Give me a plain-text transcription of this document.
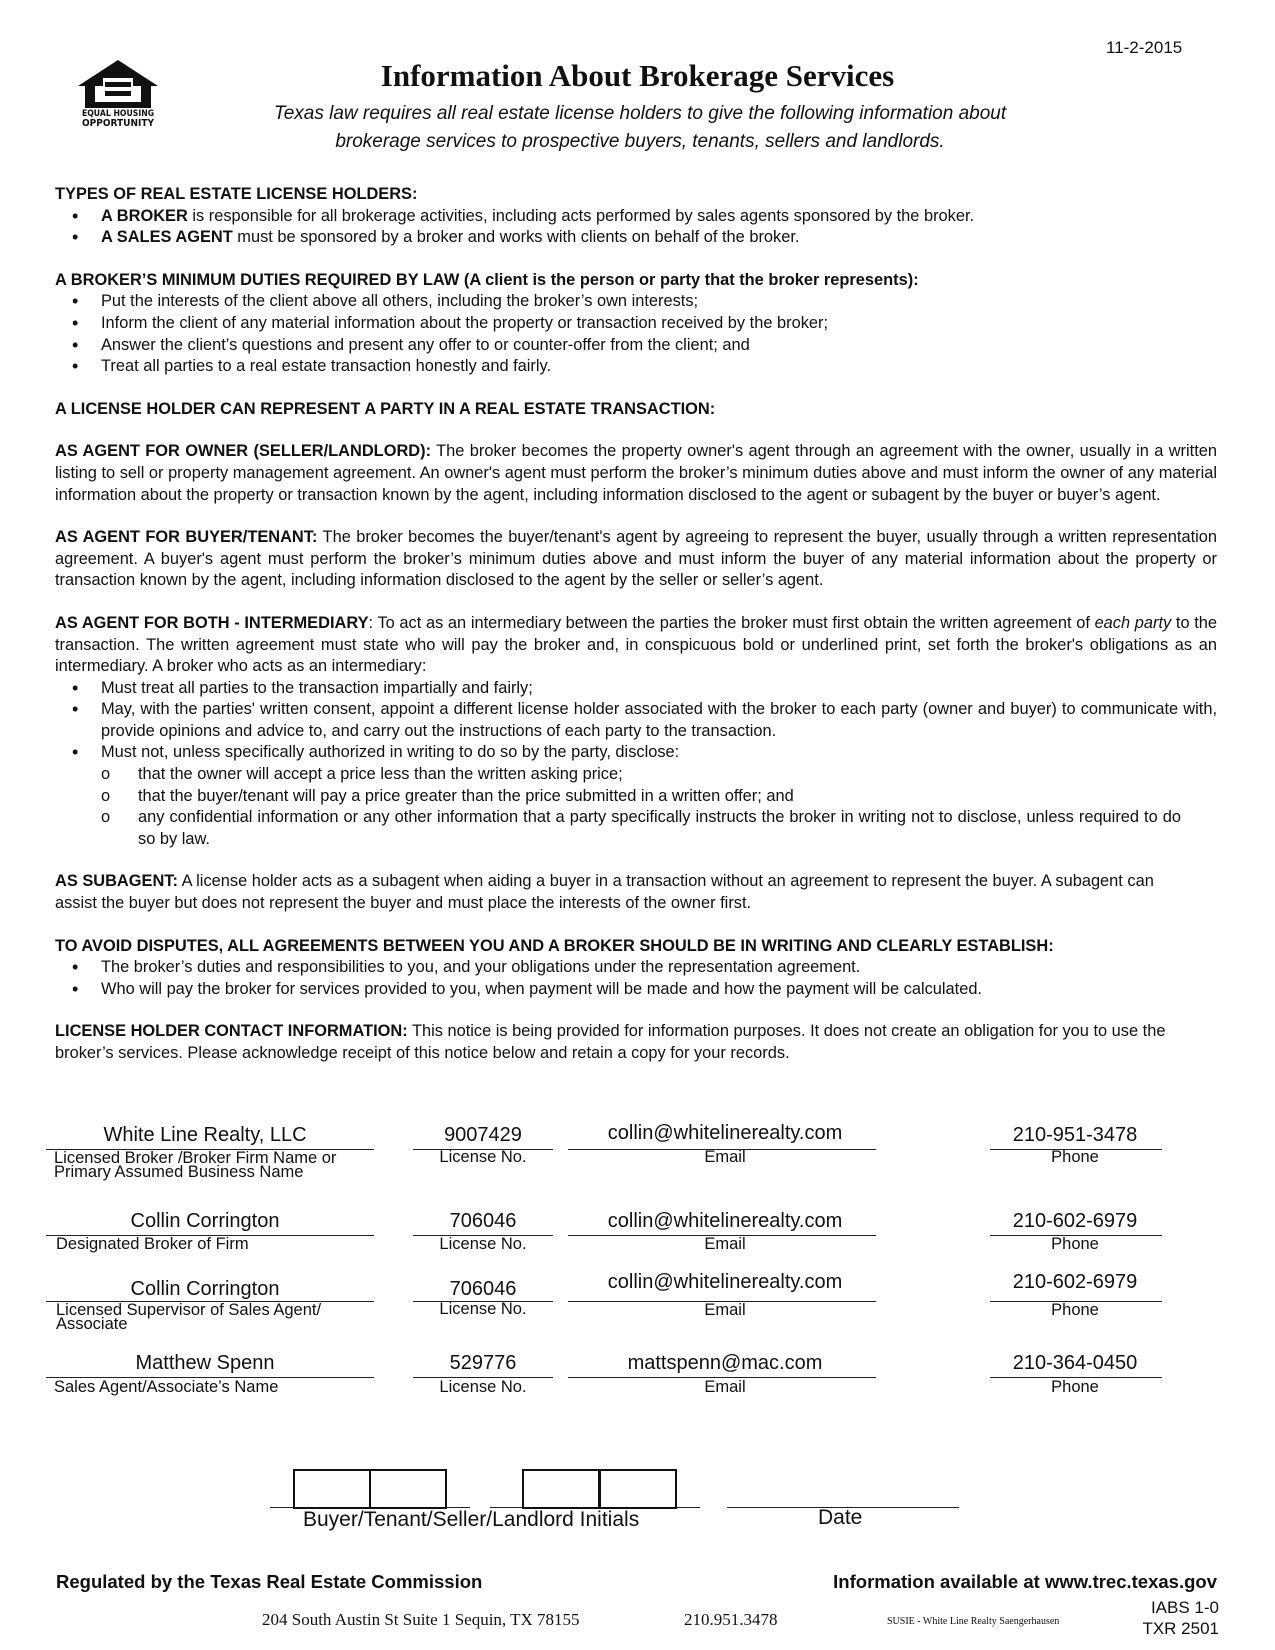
EQUAL HOUSING
OPPORTUNITY
11-2-2015
Information About Brokerage Services
Texas law requires all real estate license holders to give the following information about
brokerage services to prospective buyers, tenants, sellers and landlords.

TYPES OF REAL ESTATE LICENSE HOLDERS:

• A BROKER is responsible for all brokerage activities, including acts performed by sales agents sponsored by the broker.
• A SALES AGENT must be sponsored by a broker and works with clients on behalf of the broker.

A BROKER’S MINIMUM DUTIES REQUIRED BY LAW (A client is the person or party that the broker represents):

• Put the interests of the client above all others, including the broker’s own interests;
• Inform the client of any material information about the property or transaction received by the broker;
• Answer the client’s questions and present any offer to or counter-offer from the client; and
• Treat all parties to a real estate transaction honestly and fairly.

A LICENSE HOLDER CAN REPRESENT A PARTY IN A REAL ESTATE TRANSACTION:

AS AGENT FOR OWNER (SELLER/LANDLORD): The broker becomes the property owner's agent through an agreement with the owner, usually in a written listing to sell or property management agreement. An owner's agent must perform the broker’s minimum duties above and must inform the owner of any material information about the property or transaction known by the agent, including information disclosed to the agent or subagent by the buyer or buyer’s agent.

AS AGENT FOR BUYER/TENANT: The broker becomes the buyer/tenant's agent by agreeing to represent the buyer, usually through a written representation agreement. A buyer's agent must perform the broker’s minimum duties above and must inform the buyer of any material information about the property or transaction known by the agent, including information disclosed to the agent by the seller or seller’s agent.

AS AGENT FOR BOTH - INTERMEDIARY: To act as an intermediary between the parties the broker must first obtain the written agreement of each party to the transaction. The written agreement must state who will pay the broker and, in conspicuous bold or underlined print, set forth the broker's obligations as an intermediary. A broker who acts as an intermediary:

• Must treat all parties to the transaction impartially and fairly;
• May, with the parties' written consent, appoint a different license holder associated with the broker to each party (owner and buyer) to communicate with, provide opinions and advice to, and carry out the instructions of each party to the transaction.
• Must not, unless specifically authorized in writing to do so by the party, disclose:
o that the owner will accept a price less than the written asking price;
o that the buyer/tenant will pay a price greater than the price submitted in a written offer; and
o any confidential information or any other information that a party specifically instructs the broker in writing not to disclose, unless required to do so by law.

AS SUBAGENT: A license holder acts as a subagent when aiding a buyer in a transaction without an agreement to represent the buyer. A subagent can assist the buyer but does not represent the buyer and must place the interests of the owner first.

TO AVOID DISPUTES, ALL AGREEMENTS BETWEEN YOU AND A BROKER SHOULD BE IN WRITING AND CLEARLY ESTABLISH:

• The broker’s duties and responsibilities to you, and your obligations under the representation agreement.
• Who will pay the broker for services provided to you, when payment will be made and how the payment will be calculated.

LICENSE HOLDER CONTACT INFORMATION: This notice is being provided for information purposes. It does not create an obligation for you to use the broker’s services. Please acknowledge receipt of this notice below and retain a copy for your records.

White Line Realty, LLC	9007429	collin@whitelinerealty.com	210-951-3478
Licensed Broker /Broker Firm Name or
Primary Assumed Business Name
License No.	Email	Phone
Collin Corrington	706046	collin@whitelinerealty.com	210-602-6979
Designated Broker of Firm	License No.	Email	Phone
Collin Corrington	706046	collin@whitelinerealty.com	210-602-6979
Licensed Supervisor of Sales Agent/
Associate
License No.	Email	Phone
Matthew Spenn	529776	mattspenn@mac.com	210-364-0450
Sales Agent/Associate’s Name	License No.	Email	Phone
Buyer/Tenant/Seller/Landlord Initials	Date
Regulated by the Texas Real Estate Commission	Information available at www.trec.texas.gov
204 South Austin St Suite 1 Sequin, TX 78155	210.951.3478	SUSIE - White Line Realty Saengerhausen
IABS 1-0
TXR 2501
